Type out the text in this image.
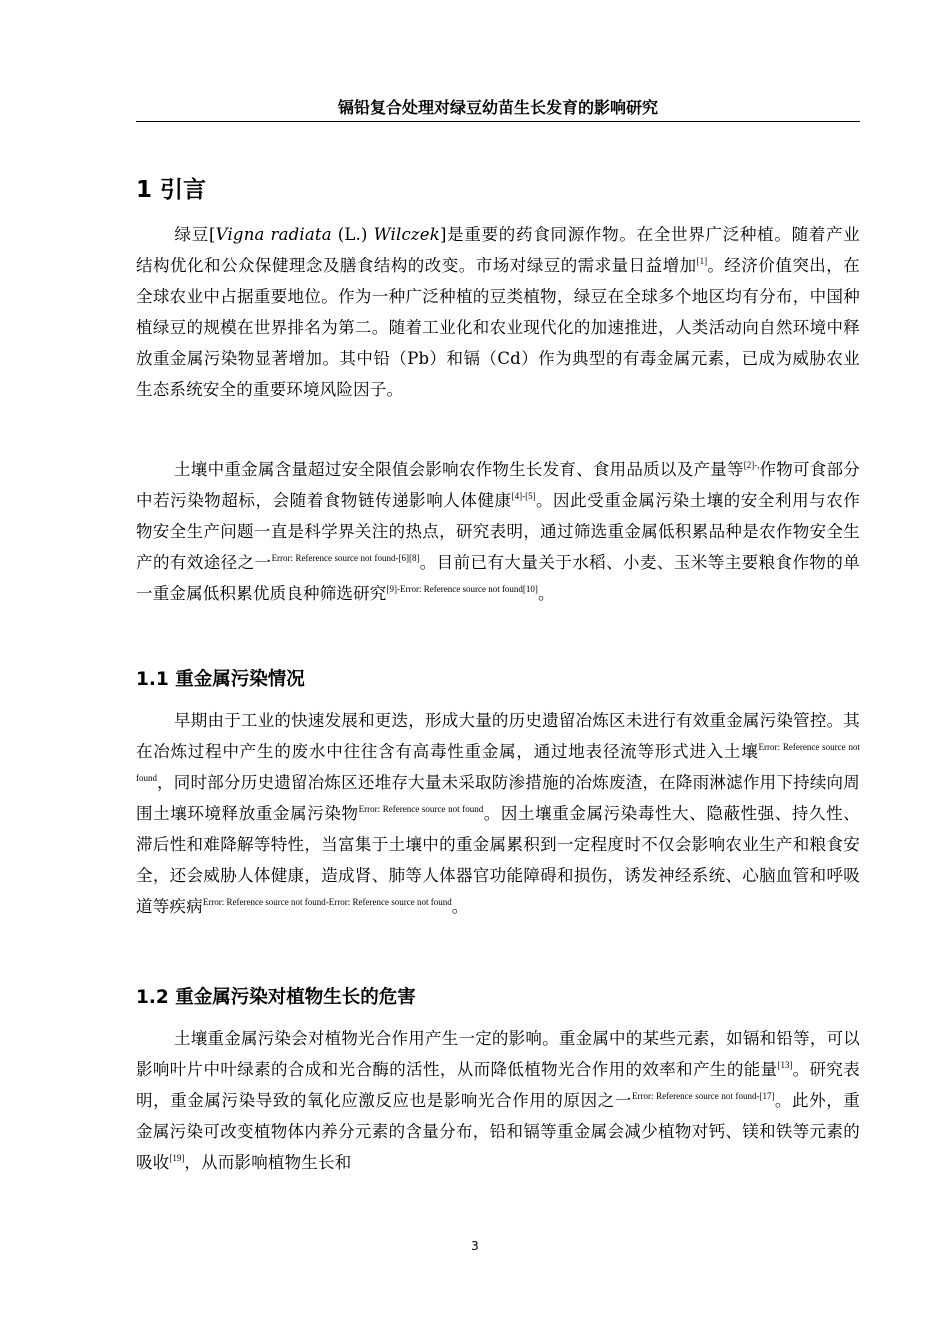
镉铅复合处理对绿豆幼苗生长发育的影响研究
1 引言

绿豆[Vigna radiata (L.) Wilczek]是重要的药食同源作物。在全世界广泛种植。随着产业结构优化和公众保健理念及膳食结构的改变。市场对绿豆的需求量日益增加[1]。经济价值突出，在全球农业中占据重要地位。作为一种广泛种植的豆类植物，绿豆在全球多个地区均有分布，中国种植绿豆的规模在世界排名为第二。随着工业化和农业现代化的加速推进，人类活动向自然环境中释放重金属污染物显著增加。其中铅（Pb）和镉（Cd）作为典型的有毒金属元素，已成为威胁农业生态系统安全的重要环境风险因子。

土壤中重金属含量超过安全限值会影响农作物生长发育、食用品质以及产量等$^{[2]-,}$作物可食部分中若污染物超标，会随着食物链传递影响人体健康[4]-[5]。因此受重金属污染土壤的安全利用与农作物安全生产问题一直是科学界关注的热点，研究表明，通过筛选重金属低积累品种是农作物安全生产的有效途径之一$^{Error: Reference source not found-[6][8]}$。目前已有大量关于水稻、小麦、玉米等主要粮食作物的单一重金属低积累优质良种筛选研究[9]-Error: Reference source not found[10]。

1.1 重金属污染情况

早期由于工业的快速发展和更迭，形成大量的历史遗留冶炼区未进行有效重金属污染管控。其在冶炼过程中产生的废水中往往含有高毒性重金属，通过地表径流等形式进入土壤$^{Error: Reference source not found}$，同时部分历史遗留冶炼区还堆存大量未采取防渗措施的冶炼废渣，在降雨淋滤作用下持续向周围土壤环境释放重金属污染物$^{Error: Reference source not found}$。因土壤重金属污染毒性大、隐蔽性强、持久性、滞后性和难降解等特性，当富集于土壤中的重金属累积到一定程度时不仅会影响农业生产和粮食安全，还会威胁人体健康，造成肾、肺等人体器官功能障碍和损伤，诱发神经系统、心脑血管和呼吸道等疾病$^{Error: Reference source not found-Error: Reference source not found}$。

1.2 重金属污染对植物生长的危害

土壤重金属污染会对植物光合作用产生一定的影响。重金属中的某些元素，如镉和铅等，可以影响叶片中叶绿素的合成和光合酶的活性，从而降低植物光合作用的效率和产生的能量[13]。研究表明，重金属污染导致的氧化应激反应也是影响光合作用的原因之一$^{Error: Reference source not found-[17]}$。此外，重金属污染可改变植物体内养分元素的含量分布，铅和镉等重金属会减少植物对钙、镁和铁等元素的吸收[19]，从而影响植物生长和

3
